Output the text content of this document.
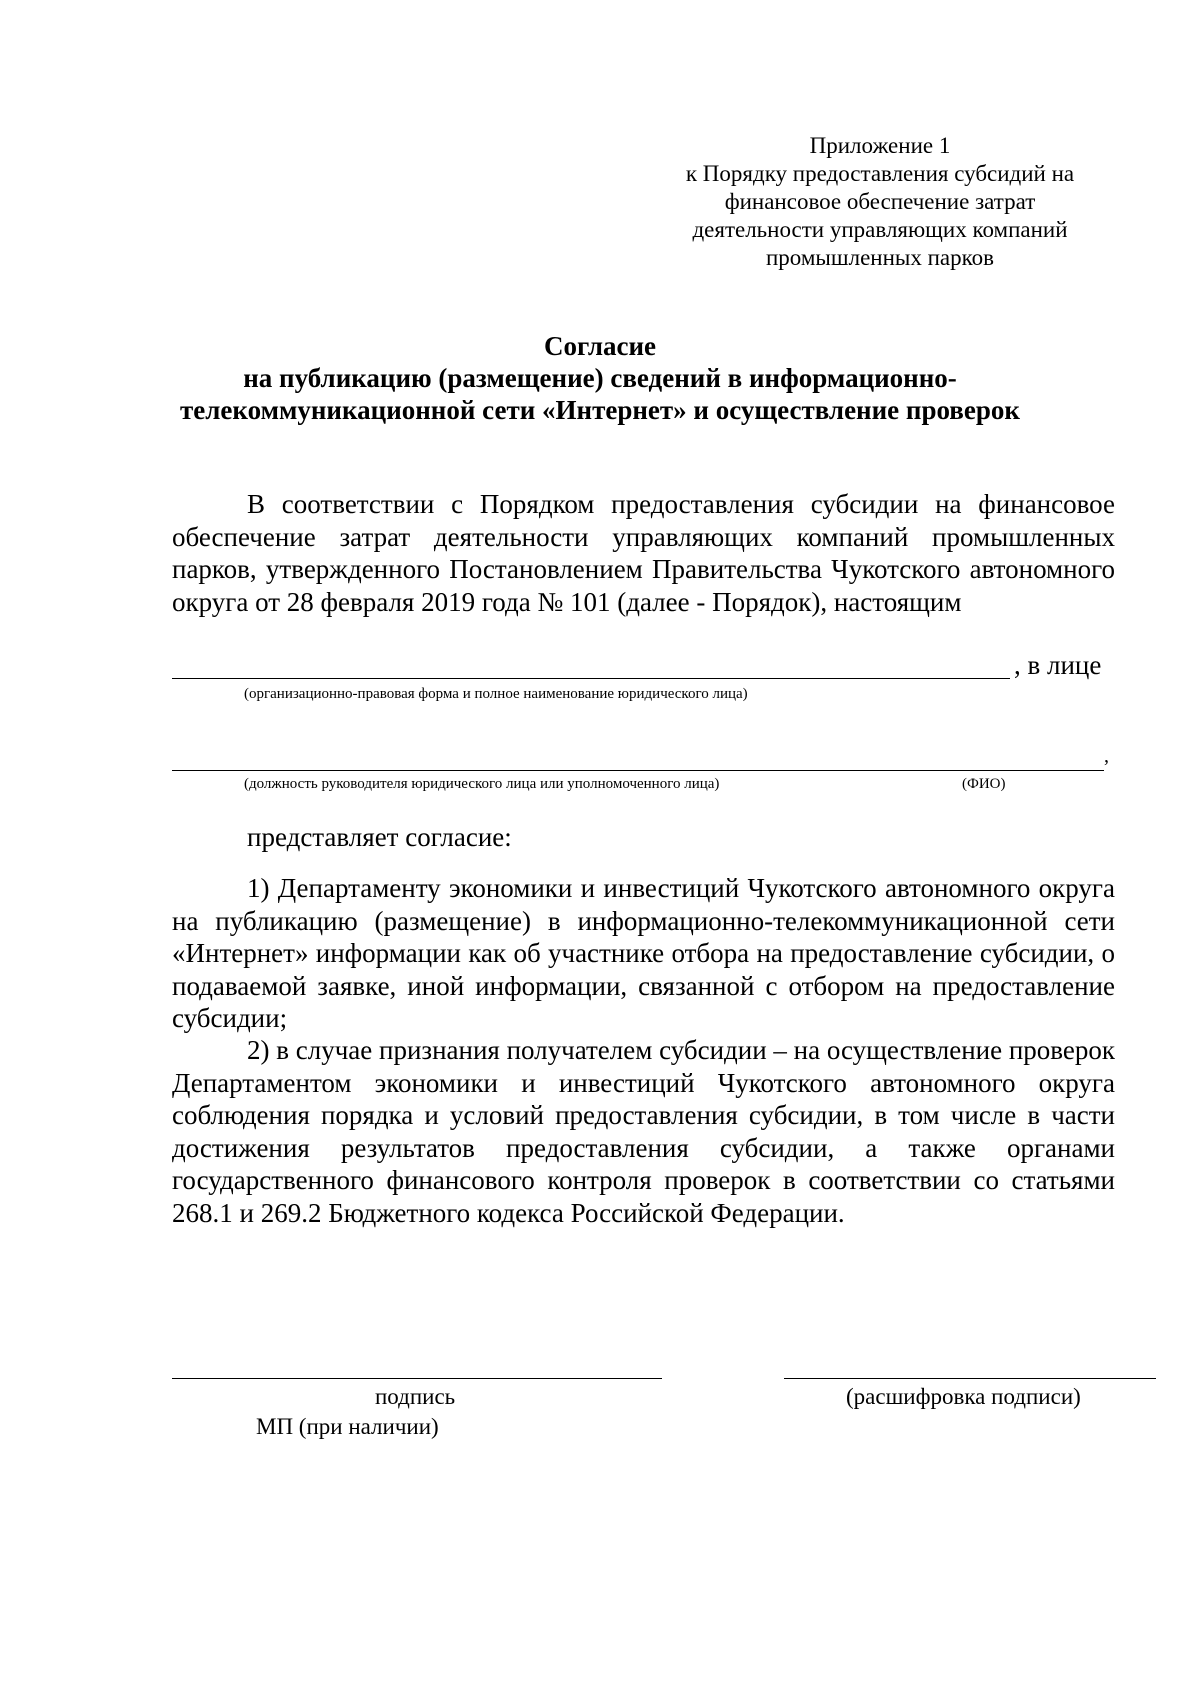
Приложение 1
к Порядку предоставления субсидий на
финансовое обеспечение затрат
деятельности управляющих компаний
промышленных парков
Согласие
на публикацию (размещение) сведений в информационно-
телекоммуникационной сети «Интернет» и осуществление проверок
В соответствии с Порядком предоставления субсидии на финансовое обеспечение затрат деятельности управляющих компаний промышленных парков, утвержденного Постановлением Правительства Чукотского автономного округа от 28 февраля 2019 года № 101 (далее - Порядок), настоящим
, в лице
(организационно-правовая форма и полное наименование юридического лица)
,
(должность руководителя юридического лица или уполномоченного лица)	(ФИО)
представляет согласие:
1) Департаменту экономики и инвестиций Чукотского автономного округа на публикацию (размещение) в информационно-телекоммуникационной сети «Интернет» информации как об участнике отбора на предоставление субсидии, о подаваемой заявке, иной информации, связанной с отбором на предоставление субсидии;
2) в случае признания получателем субсидии – на осуществление проверок Департаментом экономики и инвестиций Чукотского автономного округа соблюдения порядка и условий предоставления субсидии, в том числе в части достижения результатов предоставления субсидии, а также органами государственного финансового контроля проверок в соответствии со статьями 268.1 и 269.2 Бюджетного кодекса Российской Федерации.
подпись	(расшифровка подписи)
МП (при наличии)
